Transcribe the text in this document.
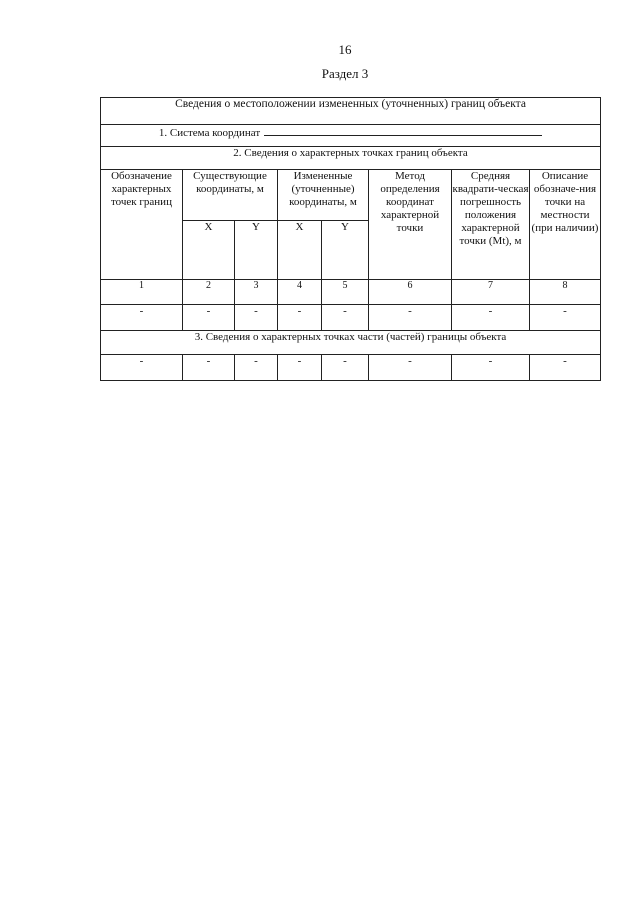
16
Раздел 3
Сведения о местоположении измененных (уточненных) границ объекта							
1. Система координат							
2. Сведения о характерных точках границ объекта							
Обозначение характерных точек границ	Существующие координаты, м		Измененные (уточненные) координаты, м		Метод определения координат характерной точки	Средняя квадрати-ческая погрешность положения характерной точки (Mt), м	Описание обозначе-ния точки на местности (при наличии)
	X	Y	X	Y			
1	2	3	4	5	6	7	8
-	-	-	-	-	-	-	-
3. Сведения о характерных точках части (частей) границы объекта							
-	-	-	-	-	-	-	-
